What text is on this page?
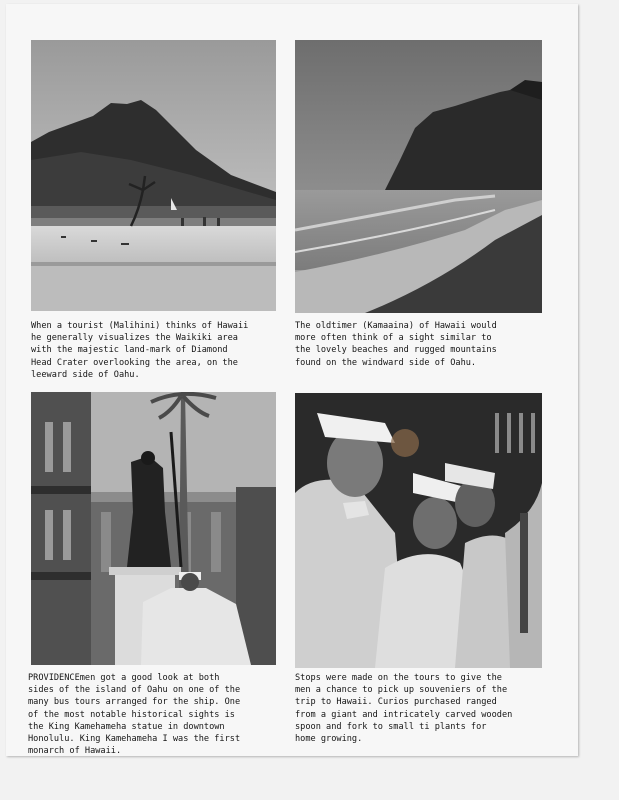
When a tourist (Malihini) thinks of Hawaii
he generally visualizes the Waikiki area
with the majestic land-mark of Diamond
Head Crater overlooking the area, on the
leeward side of Oahu.
The oldtimer (Kamaaina) of Hawaii would
more often think of a sight similar to
the lovely beaches and rugged mountains
found on the windward side of Oahu.
PROVIDENCEmen got a good look at both
sides of the island of Oahu on one of the
many bus tours arranged for the ship. One
of the most notable historical sights is
the King Kamehameha statue in downtown
Honolulu. King Kamehameha I was the first
monarch of Hawaii.
Stops were made on the tours to give the
men a chance to pick up souveniers of the
trip to Hawaii. Curios purchased ranged
from a giant and intricately carved wooden
spoon and fork to small ti plants for
home growing.
